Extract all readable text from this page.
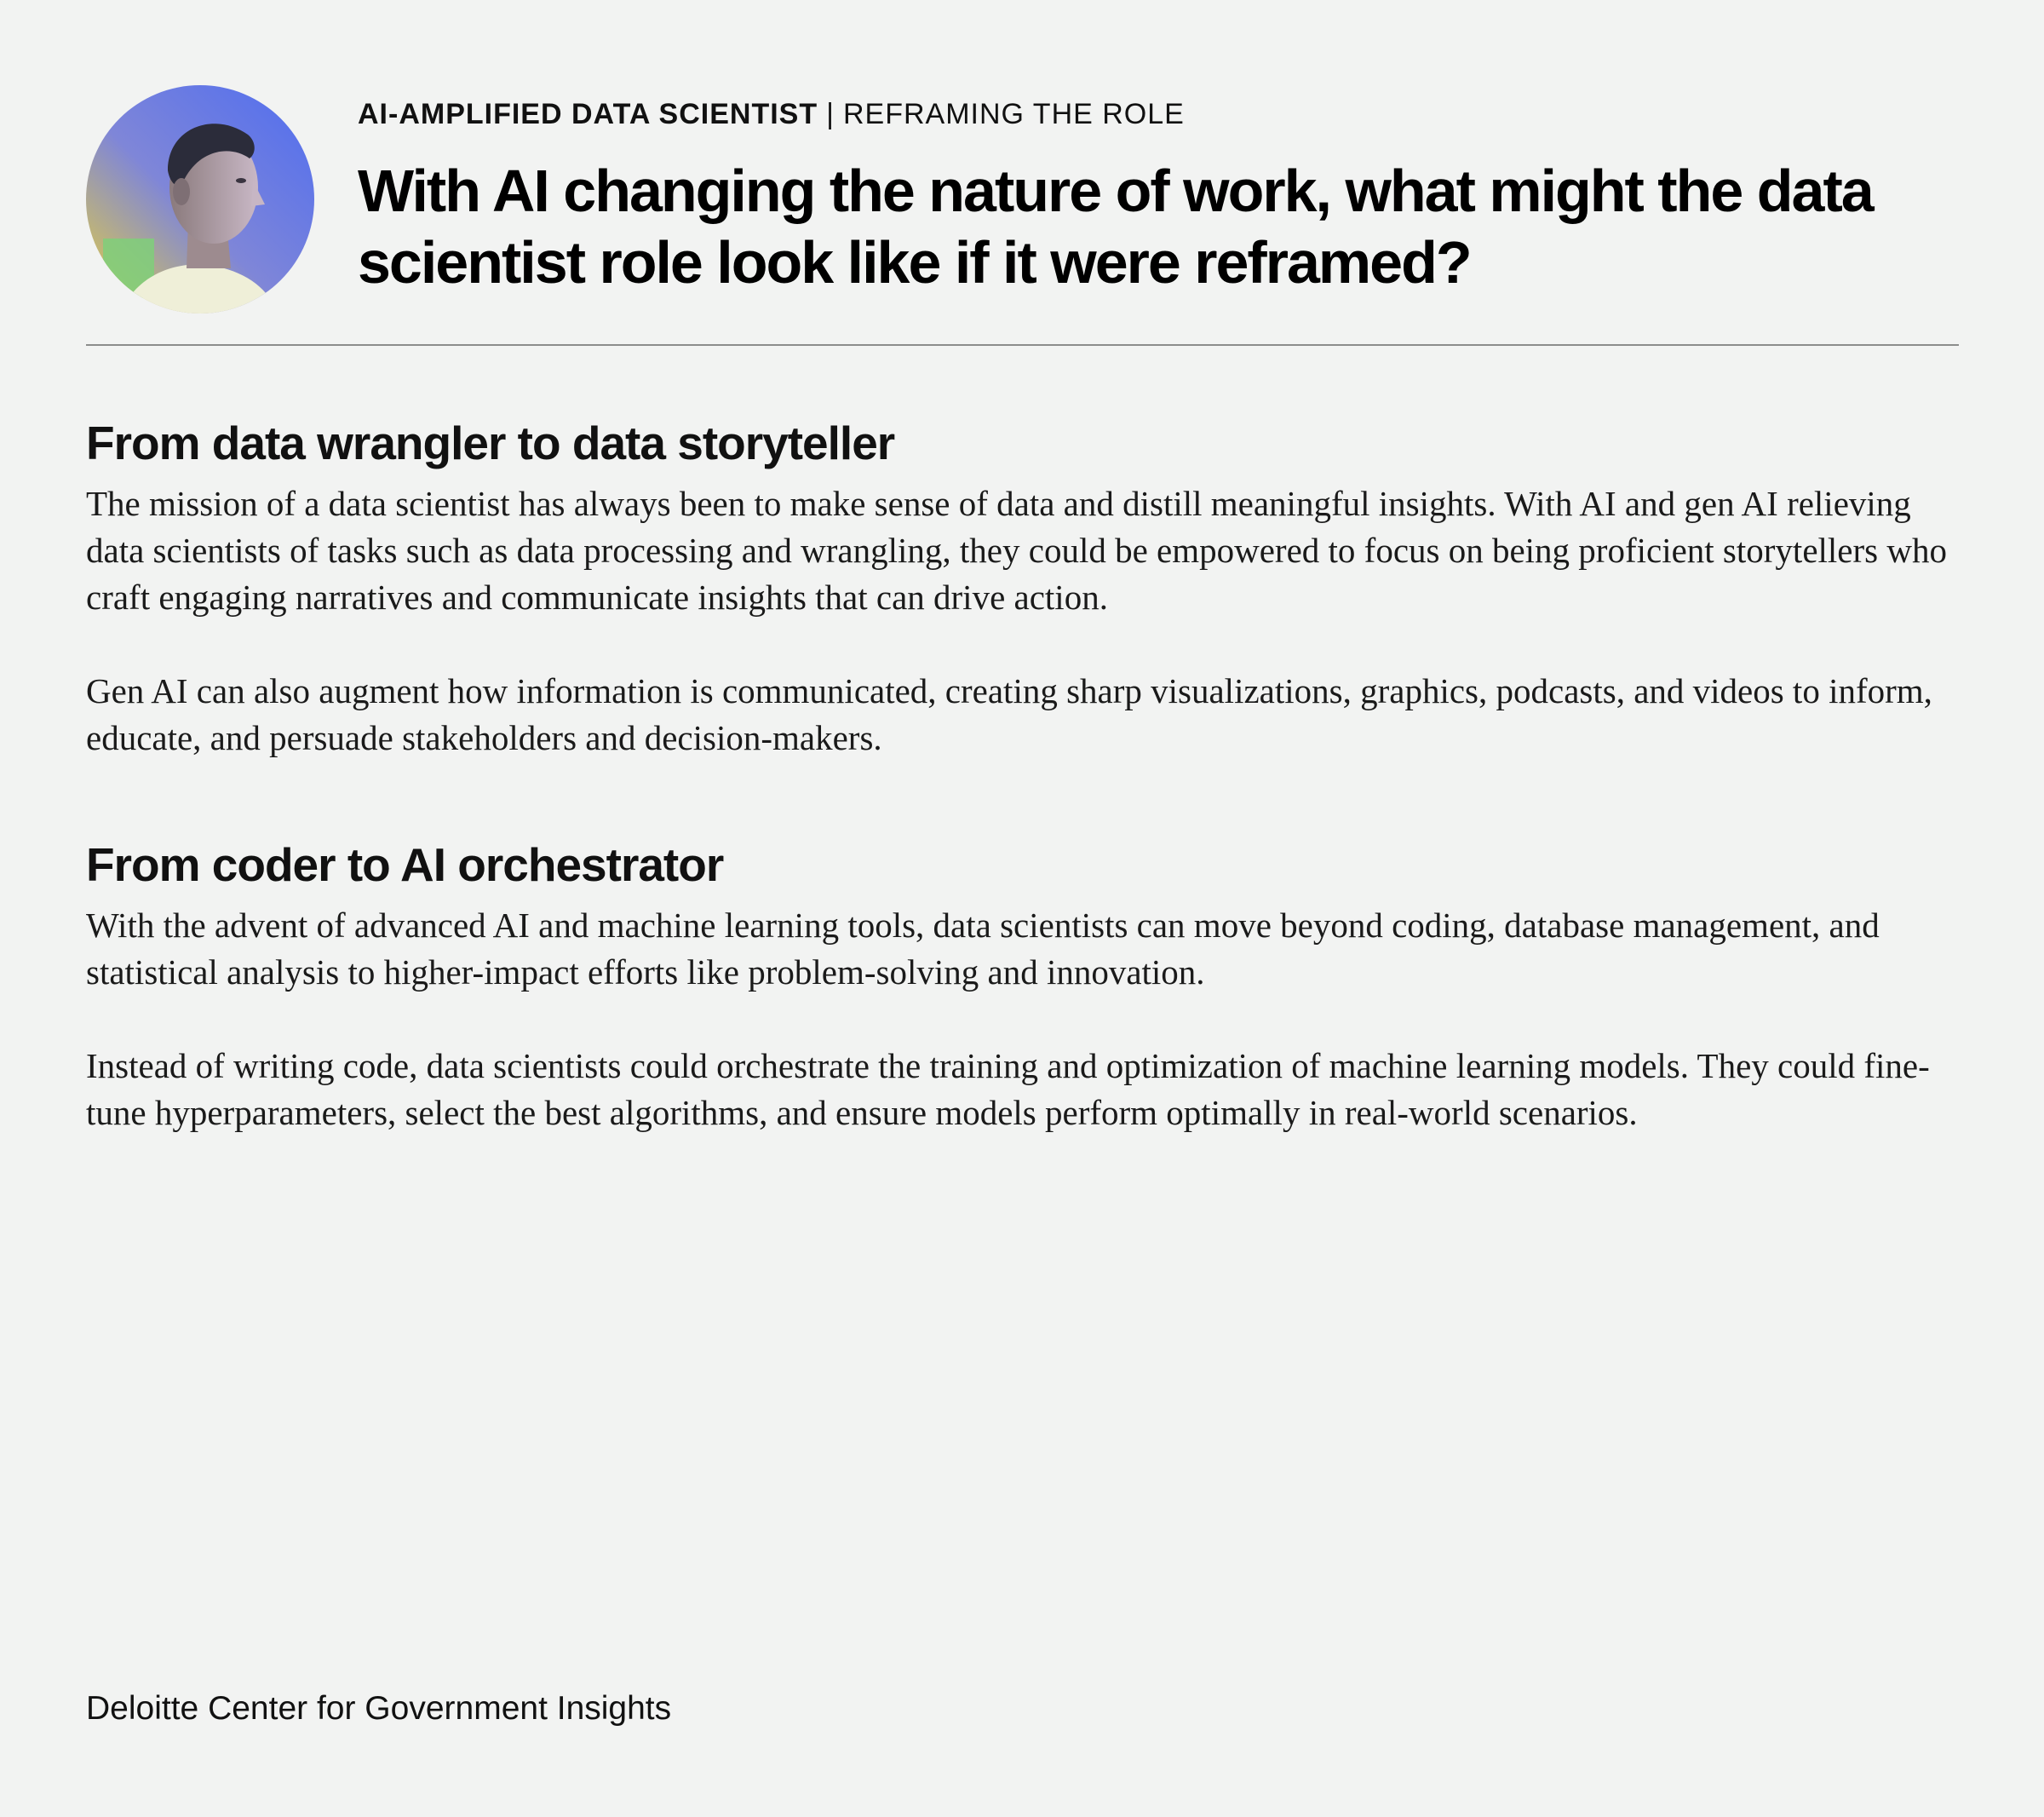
AI-AMPLIFIED DATA SCIENTIST | REFRAMING THE ROLE
With AI changing the nature of work, what might the data scientist role look like if it were reframed?
From data wrangler to data storyteller

The mission of a data scientist has always been to make sense of data and distill meaningful insights. With AI and gen AI relieving data scientists of tasks such as data processing and wrangling, they could be empowered to focus on being proficient storytellers who craft engaging narratives and communicate insights that can drive action.

Gen AI can also augment how information is communicated, creating sharp visualizations, graphics, podcasts, and videos to inform, educate, and persuade stakeholders and decision-makers.

From coder to AI orchestrator

With the advent of advanced AI and machine learning tools, data scientists can move beyond coding, database management, and statistical analysis to higher-impact efforts like problem-solving and innovation.

Instead of writing code, data scientists could orchestrate the training and optimization of machine learning models. They could fine-tune hyperparameters, select the best algorithms, and ensure models perform optimally in real-world scenarios.

Deloitte Center for Government Insights
